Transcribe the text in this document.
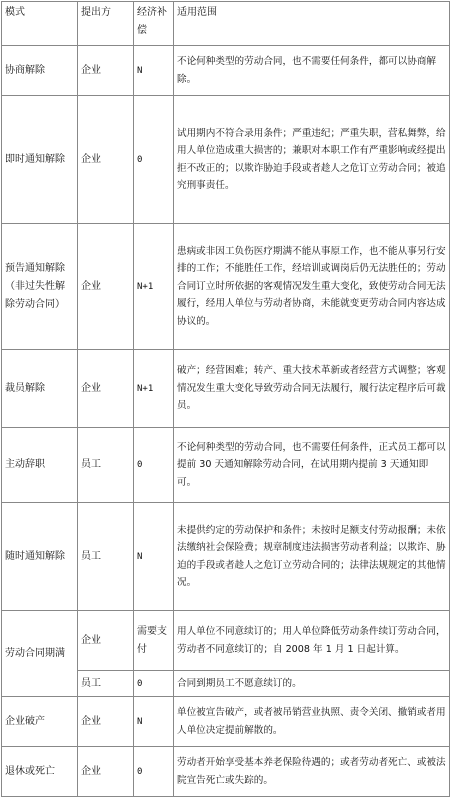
模式	提出方	经济补偿	适用范围
协商解除	企业	N	不论何种类型的劳动合同，也不需要任何条件，都可以协商解除。
即时通知解除	企业	0	试用期内不符合录用条件；严重违纪；严重失职，营私舞弊，给用人单位造成重大损害的；兼职对本职工作有严重影响或经提出拒不改正的；以欺诈胁迫手段或者趁人之危订立劳动合同；被追究刑事责任。
预告通知解除（非过失性解除劳动合同）	企业	N+1	患病或非因工负伤医疗期满不能从事原工作，也不能从事另行安排的工作；不能胜任工作，经培训或调岗后仍无法胜任的；劳动合同订立时所依据的客观情况发生重大变化，致使劳动合同无法履行，经用人单位与劳动者协商，未能就变更劳动合同内容达成协议的。
裁员解除	企业	N+1	破产；经营困难；转产、重大技术革新或者经营方式调整；客观情况发生重大变化导致劳动合同无法履行，履行法定程序后可裁员。
主动辞职	员工	0	不论何种类型的劳动合同，也不需要任何条件，正式员工都可以提前 30 天通知解除劳动合同，在试用期内提前 3 天通知即可。
随时通知解除	员工	N	未提供约定的劳动保护和条件；未按时足额支付劳动报酬；未依法缴纳社会保险费；规章制度违法损害劳动者利益；以欺诈、胁迫的手段或者趁人之危订立劳动合同的；法律法规规定的其他情况。
劳动合同期满	企业	需要支付	用人单位不同意续订的；用人单位降低劳动条件续订劳动合同，劳动者不同意续订的；自 2008 年 1 月 1 日起计算。
	员工	0	合同到期员工不愿意续订的。
企业破产	企业	N	单位被宣告破产，或者被吊销营业执照、责令关闭、撤销或者用人单位决定提前解散的。
退休或死亡	企业	0	劳动者开始享受基本养老保险待遇的；或者劳动者死亡、或被法院宣告死亡或失踪的。
